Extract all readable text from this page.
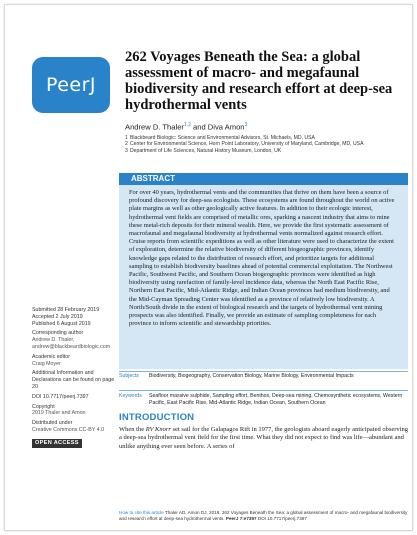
PeerJ
262 Voyages Beneath the Sea: a global assessment of macro- and megafaunal biodiversity and research effort at deep-sea hydrothermal vents
Andrew D. Thaler$^{1,2}$ and Diva Amon$^3$
1 Blackbeard Biologic: Science and Environmental Advisors, St. Michaels, MD, USA
2 Center for Environmental Science, Horn Point Laboratory, University of Maryland, Cambridge, MD, USA
3 Department of Life Sciences, Natural History Museum, London, UK
ABSTRACT
For over 40 years, hydrothermal vents and the communities that thrive on them have been a source of profound discovery for deep-sea ecologists. These ecosystems are found throughout the world on active plate margins as well as other geologically active features. In addition to their ecologic interest, hydrothermal vent fields are comprised of metallic ores, sparking a nascent industry that aims to mine these metal-rich deposits for their mineral wealth. Here, we provide the first systematic assessment of macrofaunal and megafaunal biodiversity at hydrothermal vents normalized against research effort. Cruise reports from scientific expeditions as well as other literature were used to characterize the extent of exploration, determine the relative biodiversity of different biogeographic provinces, identify knowledge gaps related to the distribution of research effort, and prioritize targets for additional sampling to establish biodiversity baselines ahead of potential commercial exploitation. The Northwest Pacific, Southwest Pacific, and Southern Ocean biogeographic provinces were identified as high biodiversity using rarefaction of family-level incidence data, whereas the North East Pacific Rise, Northern East Pacific, Mid-Atlantic Ridge, and Indian Ocean provinces had medium biodiversity, and the Mid-Cayman Spreading Center was identified as a province of relatively low biodiversity. A North/South divide in the extent of biological research and the targets of hydrothermal vent mining prospects was also identified. Finally, we provide an estimate of sampling completeness for each province to inform scientific and stewardship priorities.
Subjects	Biodiversity, Biogeography, Conservation Biology, Marine Biology, Environmental Impacts
Keywords	Seafloor massive sulphide, Sampling effort, Benthos, Deep-sea mining, Chemosynthetic ecosystems, Western Pacific, East Pacific Rise, Mid-Atlantic Ridge, Indian Ocean, Southern Ocean
INTRODUCTION
When the RV Knorr set sail for the Galapagos Rift in 1977, the geologists aboard eagerly anticipated observing a deep-sea hydrothermal vent field for the first time. What they did not expect to find was life—abundant and unlike anything ever seen before. A series of
Submitted 28 February 2019
Accepted 2 July 2019
Published 6 August 2019
Corresponding author
Andrew D. Thaler,
andrew@blackbeardbiologic.com
Academic editor
Craig Moyer
Additional Information and Declarations can be found on page 20
DOI 10.7717/peerj.7397
Copyright
2019 Thaler and Amon
Distributed under
Creative Commons CC-BY 4.0
OPEN ACCESS
How to cite this article Thaler AD, Amon DJ. 2019. 262 Voyages Beneath the Sea: a global assessment of macro- and megafaunal biodiversity and research effort at deep-sea hydrothermal vents. PeerJ 7:e7397 DOI 10.7717/peerj.7397
